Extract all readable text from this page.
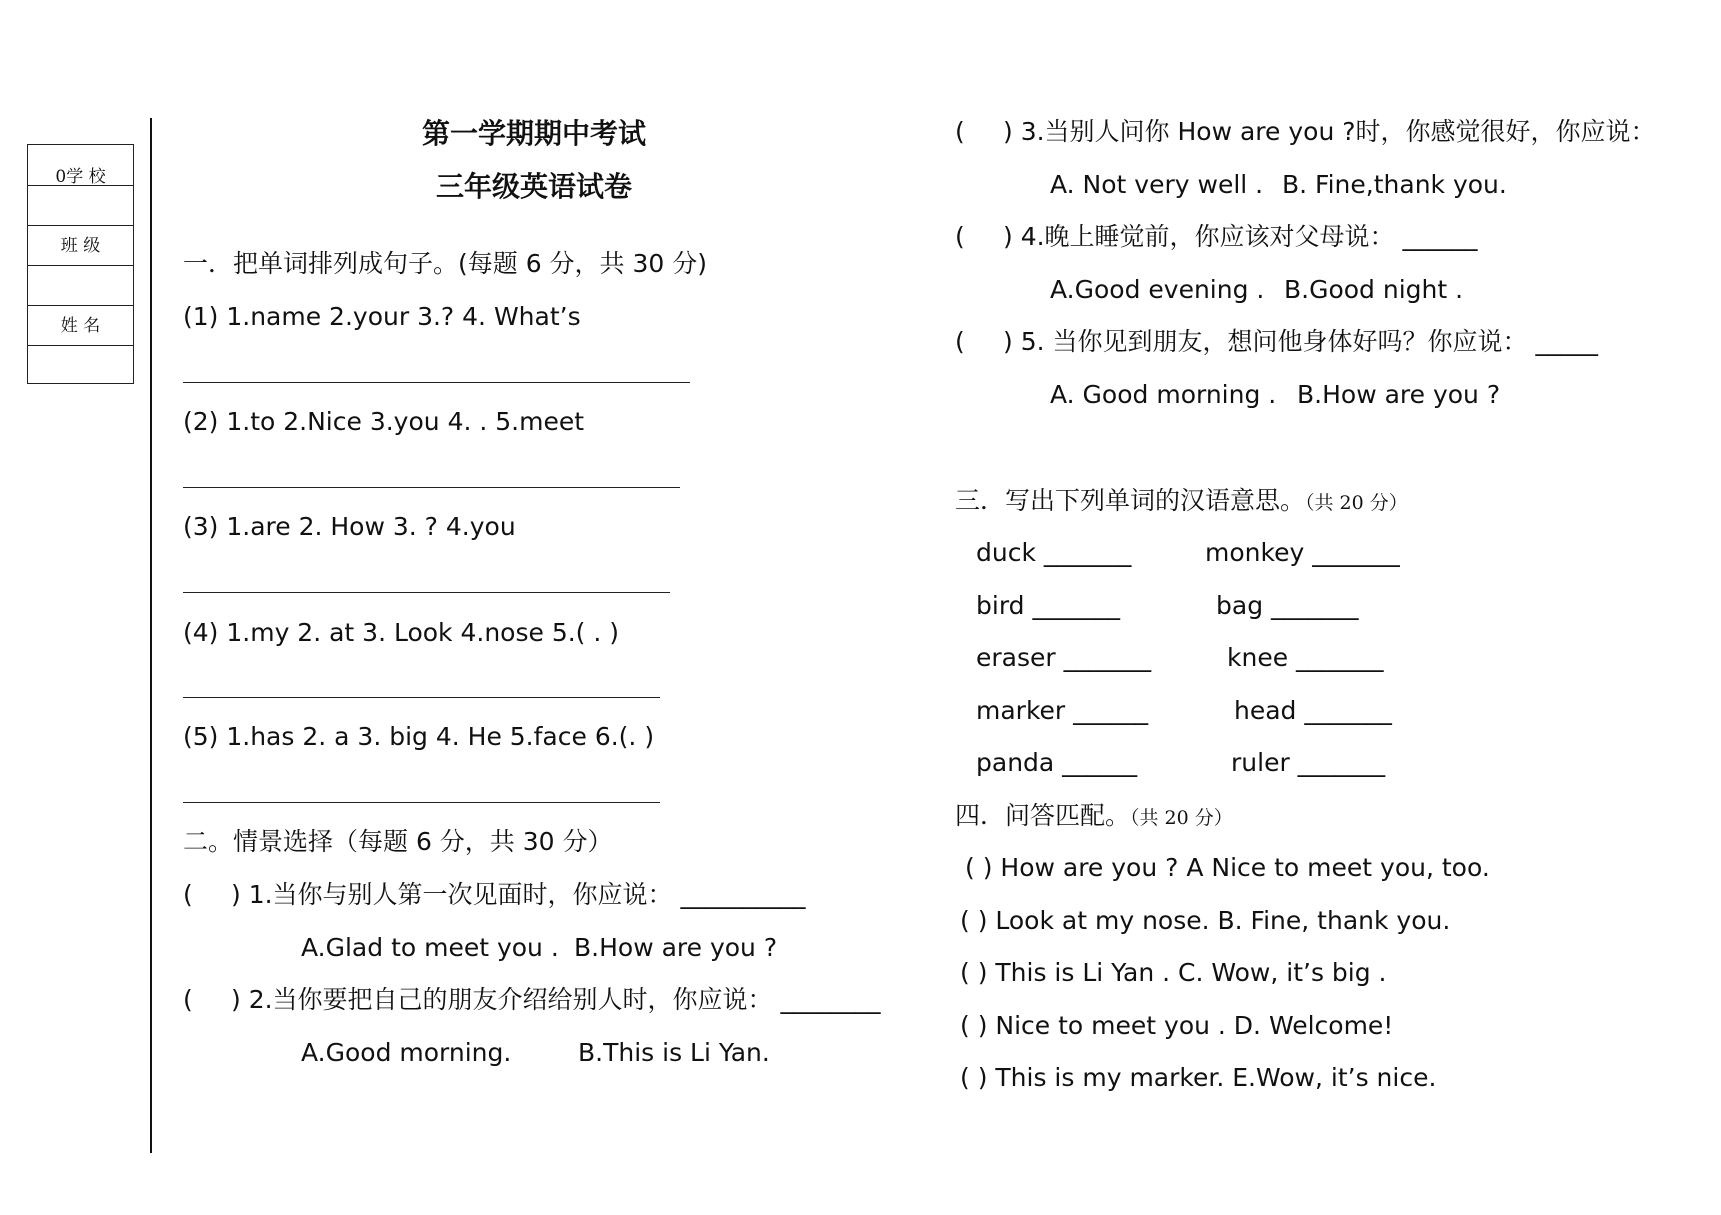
0学 校
班 级
姓 名
第一学期期中考试
三年级英语试卷
一．把单词排列成句子。(每题 6 分，共 30 分)
(1) 1.name 2.your 3.? 4. What’s
(2) 1.to 2.Nice 3.you 4. . 5.meet
(3) 1.are 2. How 3. ? 4.you
(4) 1.my 2. at 3. Look 4.nose 5.( . )
(5) 1.has 2. a 3. big 4. He 5.face 6.(. )
二。情景选择（每题 6 分，共 30 分）
( ) 1.当你与别人第一次见面时，你应说： __________
A.Glad to meet you . B.How are you ?
( ) 2.当你要把自己的朋友介绍给别人时，你应说： ________
A.Good morning.	B.This is Li Yan.
( ) 3.当别人问你 How are you ?时，你感觉很好，你应说：
A. Not very well . B. Fine,thank you.
( ) 4.晚上睡觉前，你应该对父母说： ______
A.Good evening . B.Good night .
( ) 5. 当你见到朋友，想问他身体好吗？你应说： _____
A. Good morning . B.How are you ?
三．写出下列单词的汉语意思。（共 20 分）
duck _______
bird _______
eraser _______
marker ______
panda ______
monkey _______
bag _______
knee _______
head _______
ruler _______
四．问答匹配。（共 20 分）
( ) How are you ? A Nice to meet you, too.
( ) Look at my nose. B. Fine, thank you.
( ) This is Li Yan . C. Wow, it’s big .
( ) Nice to meet you . D. Welcome!
( ) This is my marker. E.Wow, it’s nice.
